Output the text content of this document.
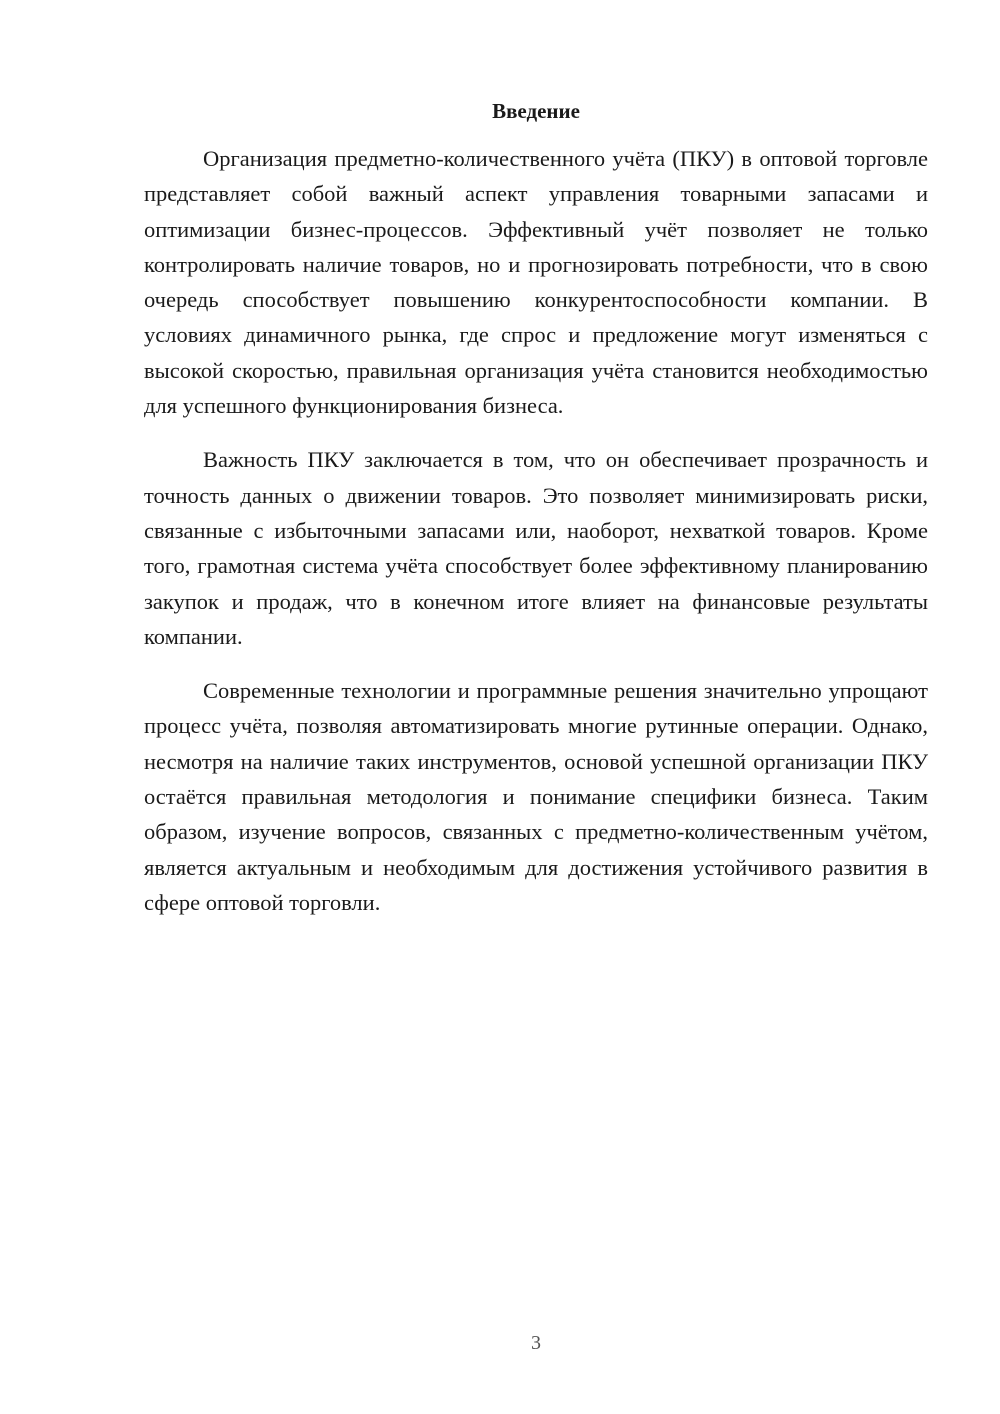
Введение

Организация предметно-количественного учёта (ПКУ) в оптовой торговле представляет собой важный аспект управления товарными запасами и оптимизации бизнес-процессов. Эффективный учёт позволяет не только контролировать наличие товаров, но и прогнозировать потребности, что в свою очередь способствует повышению конкурентоспособности компании. В условиях динамичного рынка, где спрос и предложение могут изменяться с высокой скоростью, правильная организация учёта становится необходимостью для успешного функционирования бизнеса.

Важность ПКУ заключается в том, что он обеспечивает прозрачность и точность данных о движении товаров. Это позволяет минимизировать риски, связанные с избыточными запасами или, наоборот, нехваткой товаров. Кроме того, грамотная система учёта способствует более эффективному планированию закупок и продаж, что в конечном итоге влияет на финансовые результаты компании.

Современные технологии и программные решения значительно упрощают процесс учёта, позволяя автоматизировать многие рутинные операции. Однако, несмотря на наличие таких инструментов, основой успешной организации ПКУ остаётся правильная методология и понимание специфики бизнеса. Таким образом, изучение вопросов, связанных с предметно-количественным учётом, является актуальным и необходимым для достижения устойчивого развития в сфере оптовой торговли.

3
